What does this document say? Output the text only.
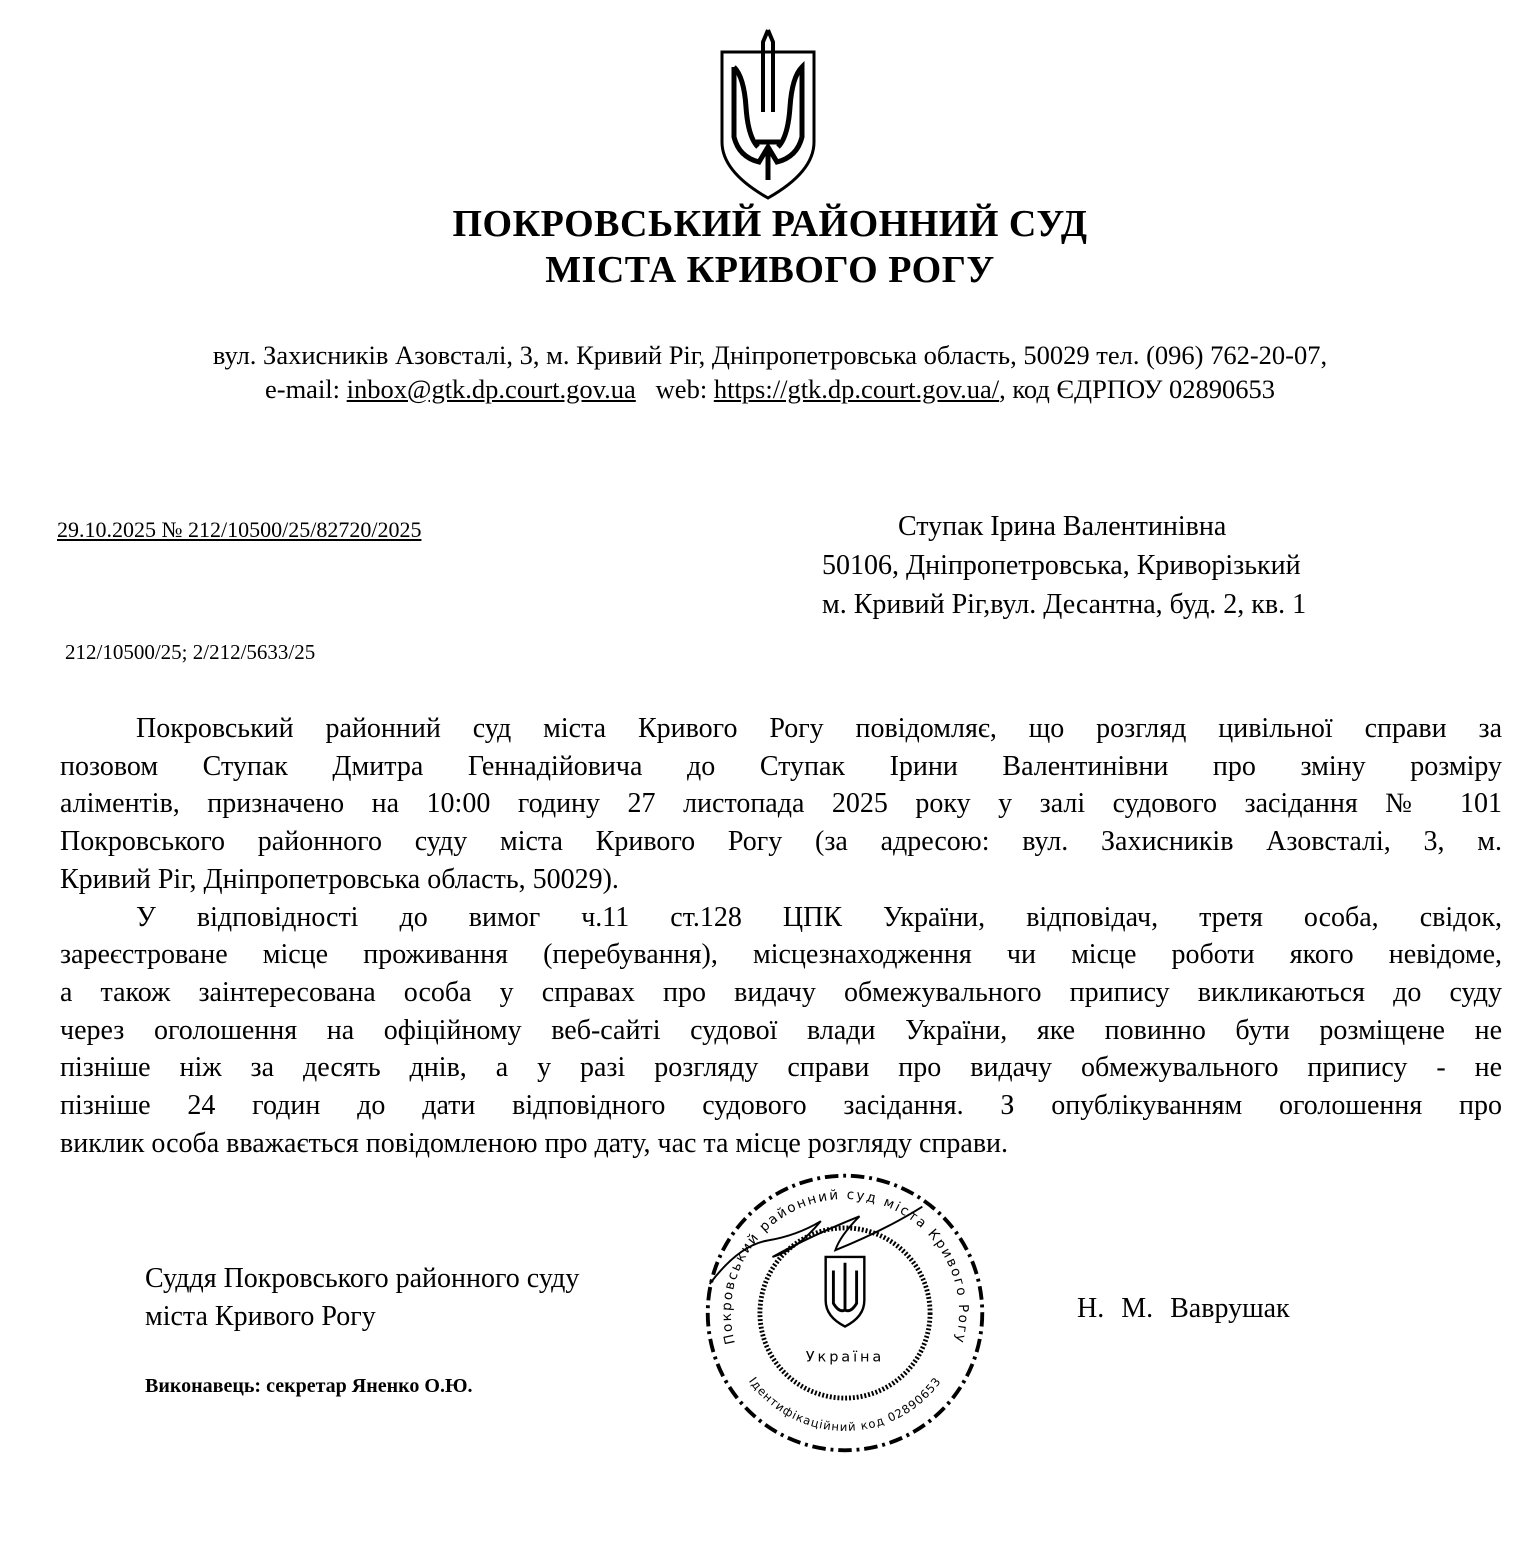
ПОКРОВСЬКИЙ РАЙОННИЙ СУД
МІСТА КРИВОГО РОГУ
вул. Захисників Азовсталі, 3, м. Кривий Ріг, Дніпропетровська область, 50029 тел. (096) 762-20-07,
e-mail: inbox@gtk.dp.court.gov.ua web: https://gtk.dp.court.gov.ua/, код ЄДРПОУ 02890653
29.10.2025 № 212/10500/25/82720/2025	Ступак Ірина Валентинівна
50106, Дніпропетровська, Криворізький
м. Кривий Ріг,вул. Десантна, буд. 2, кв. 1
212/10500/25; 2/212/5633/25
Покровський районний суд міста Кривого Рогу повідомляє, що розгляд цивільної справи за
позовом Ступак Дмитра Геннадійовича до Ступак Ірини Валентинівни про зміну розміру
аліментів, призначено на 10:00 годину 27 листопада 2025 року у залі судового засідання № 101
Покровського районного суду міста Кривого Рогу (за адресою: вул. Захисників Азовсталі, 3, м.
Кривий Ріг, Дніпропетровська область, 50029).
У відповідності до вимог ч.11 ст.128 ЦПК України, відповідач, третя особа, свідок,
зареєстроване місце проживання (перебування), місцезнаходження чи місце роботи якого невідоме,
а також заінтересована особа у справах про видачу обмежувального припису викликаються до суду
через оголошення на офіційному веб-сайті судової влади України, яке повинно бути розміщене не
пізніше ніж за десять днів, а у разі розгляду справи про видачу обмежувального припису - не
пізніше 24 годин до дати відповідного судового засідання. З опублікуванням оголошення про
виклик особа вважається повідомленою про дату, час та місце розгляду справи.
Суддя Покровського районного суду
міста Кривого Рогу	Н. М. Ваврушак
Виконавець: секретар Яненко О.Ю.
Покровський районний суд міста Кривого Рогу
Ідентифікаційний код 02890653
Україна
